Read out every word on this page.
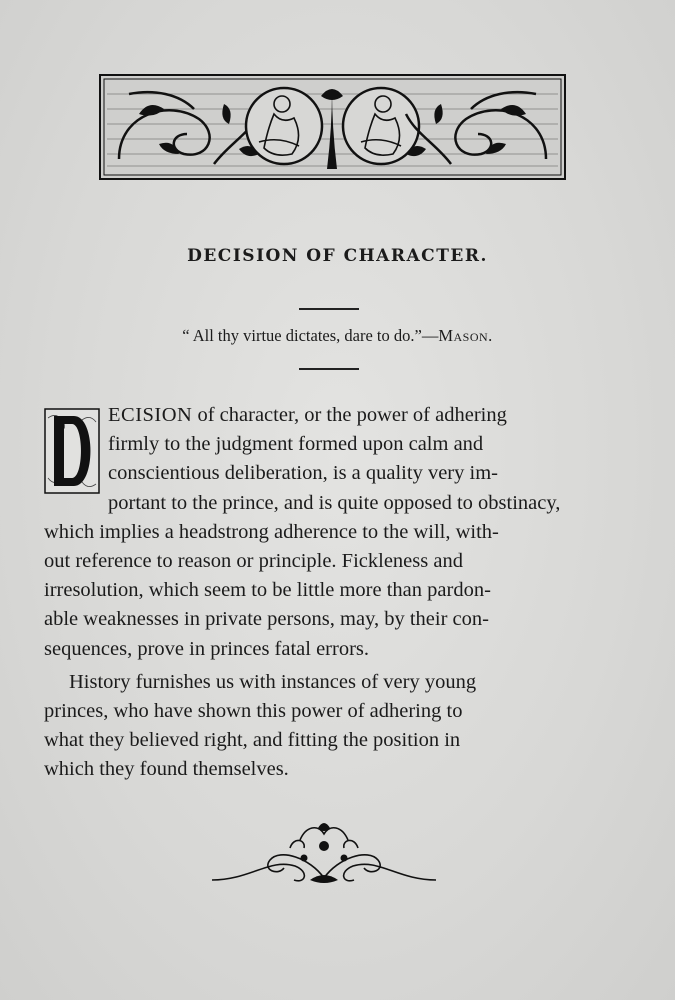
DECISION OF CHARACTER.
“ All thy virtue dictates, dare to do.”—Mason.

ECISION of character, or the power of adhering
firmly to the judgment formed upon calm and
conscientious deliberation, is a quality very im-
portant to the prince, and is quite opposed to obstinacy,
which implies a headstrong adherence to the will, with-
out reference to reason or principle. Fickleness and
irresolution, which seem to be little more than pardon-
able weaknesses in private persons, may, by their con-
sequences, prove in princes fatal errors.

History furnishes us with instances of very young
princes, who have shown this power of adhering to
what they believed right, and fitting the position in
which they found themselves.
